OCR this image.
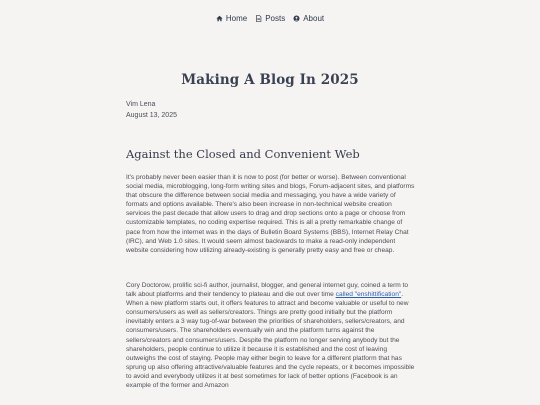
Home Posts About
Making A Blog In 2025
Vim Lena
August 13, 2025
Against the Closed and Convenient Web

It's probably never been easier than it is now to post (for better or worse). Between conventional social media, microblogging, long-form writing sites and blogs, Forum-adjacent sites, and platforms that obscure the difference between social media and messaging, you have a wide variety of formats and options available. There's also been increase in non-technical website creation services the past decade that allow users to drag and drop sections onto a page or choose from customizable templates, no coding expertise required. This is all a pretty remarkable change of pace from how the internet was in the days of Bulletin Board Systems (BBS), Internet Relay Chat (IRC), and Web 1.0 sites. It would seem almost backwards to make a read-only independent website considering how utilizing already-existing is generally pretty easy and free or cheap.

Cory Doctorow, prolific sci-fi author, journalist, blogger, and general internet guy, coined a term to talk about platforms and their tendency to plateau and die out over time called "enshittification". When a new platform starts out, it offers features to attract and become valuable or useful to new consumers/users as well as sellers/creators. Things are pretty good initially but the platform inevitably enters a 3 way tug-of-war between the priorities of shareholders, sellers/creators, and consumers/users. The shareholders eventually win and the platform turns against the sellers/creators and consumers/users. Despite the platform no longer serving anybody but the shareholders, people continue to utilize it because it is established and the cost of leaving outweighs the cost of staying. People may either begin to leave for a different platform that has sprung up also offering attractive/valuable features and the cycle repeats, or it becomes impossible to avoid and everybody utilizes it at best sometimes for lack of better options (Facebook is an example of the former and Amazon
